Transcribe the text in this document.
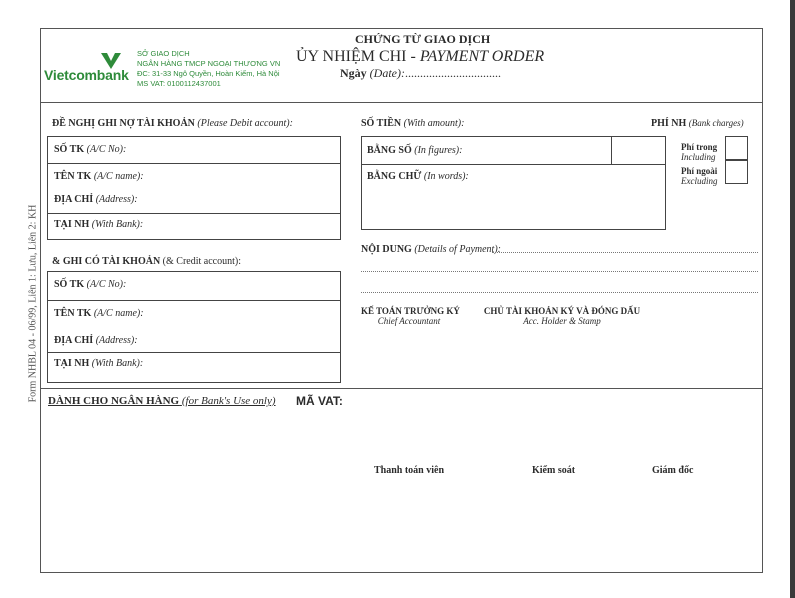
Form NHBL 04 - 06/99, Liên 1: Lưu, Liên 2: KH
Vietcombank
SỞ GIAO DỊCH
NGÂN HÀNG TMCP NGOẠI THƯƠNG VN
ĐC: 31-33 Ngô Quyền, Hoàn Kiếm, Hà Nội
MS VAT: 0100112437001
CHỨNG TỪ GIAO DỊCH
ỦY NHIỆM CHI - PAYMENT ORDER
Ngày (Date):................................
ĐỀ NGHỊ GHI NỢ TÀI KHOẢN (Please Debit account):
SỐ TK (A/C No):
TÊN TK (A/C name):
ĐỊA CHỈ (Address):
TẠI NH (With Bank):
& GHI CÓ TÀI KHOẢN (& Credit account):
SỐ TK (A/C No):
TÊN TK (A/C name):
ĐỊA CHỈ (Address):
TẠI NH (With Bank):
SỐ TIỀN (With amount):
BẰNG SỐ (In figures):
BẰNG CHỮ (In words):
PHÍ NH (Bank charges)
Phí trong
Including
Phí ngoài
Excluding
NỘI DUNG (Details of Payment):
KẾ TOÁN TRƯỞNG KÝ
Chief Accountant
CHỦ TÀI KHOẢN KÝ VÀ ĐÓNG DẤU
Acc. Holder & Stamp
DÀNH CHO NGÂN HÀNG (for Bank's Use only) MÃ VAT:
Thanh toán viên	Kiểm soát	Giám đốc
